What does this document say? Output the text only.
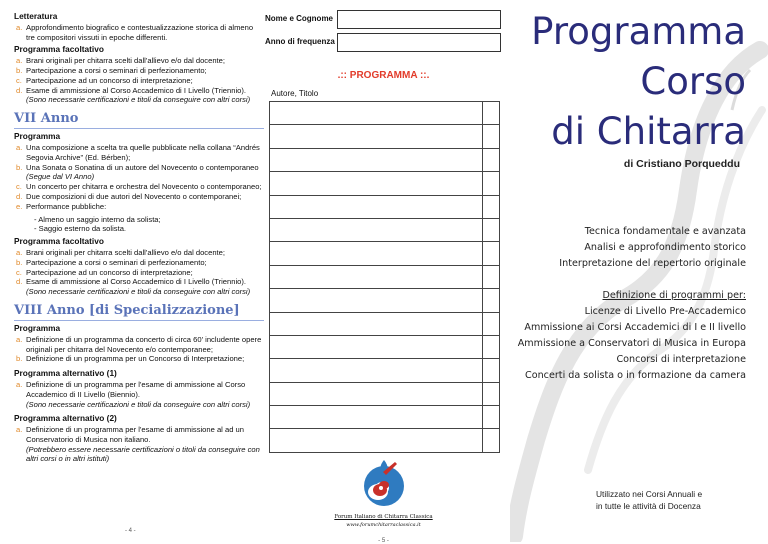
Letteratura
a. Approfondimento biografico e contestualizzazione storica di almeno tre compositori vissuti in epoche differenti.
Programma facoltativo
a. Brani originali per chitarra scelti dall'allievo e/o dal docente;
b. Partecipazione a corsi o seminari di perfezionamento;
c. Partecipazione ad un concorso di interpretazione;
d. Esame di ammissione al Corso Accademico di I Livello (Triennio).
(Sono necessarie certificazioni e titoli da conseguire con altri corsi)
VII Anno
Programma
a. Una composizione a scelta tra quelle pubblicate nella collana “Andrés Segovia Archive” (Ed. Bérben);
b. Una Sonata o Sonatina di un autore del Novecento o contemporaneo
(Segue dal VI Anno)
c. Un concerto per chitarra e orchestra del Novecento o contemporaneo;
d. Due composizioni di due autori del Novecento o contemporanei;
e. Performance pubbliche:
- Almeno un saggio interno da solista;
- Saggio esterno da solista.
Programma facoltativo
a. Brani originali per chitarra scelti dall'allievo e/o dal docente;
b. Partecipazione a corsi o seminari di perfezionamento;
c. Partecipazione ad un concorso di interpretazione;
d. Esame di ammissione al Corso Accademico di I Livello (Triennio).
(Sono necessarie certificazioni e titoli da conseguire con altri corsi)
VIII Anno [di Specializzazione]
Programma
a. Definizione di un programma da concerto di circa 60' includente opere originali per chitarra del Novecento e/o contemporanee;
b. Definizione di un programma per un Concorso di Interpretazione;
Programma alternativo (1)
a. Definizione di un programma per l'esame di ammissione al Corso Accademico di II Livello (Biennio).
(Sono necessarie certificazioni e titoli da conseguire con altri corsi)
Programma alternativo (2)
a. Definizione di un programma per l'esame di ammissione al ad un Conservatorio di Musica non italiano.
(Potrebbero essere necessarie certificazioni o titoli da conseguire con altri corsi o in altri istituti)
Nome e Cognome
Anno di frequenza
.:: PROGRAMMA ::.
Autore, Titolo

Forum Italiano di Chitarra Classica
www.forumchitarraclassica.it
- 5 -
- 4 -
Programma
Corso
di Chitarra
di Cristiano Porqueddu
Tecnica fondamentale e avanzata
Analisi e approfondimento storico
Interpretazione del repertorio originale
Definizione di programmi per:
Licenze di Livello Pre-Accademico
Ammissione ai Corsi Accademici di I e II livello
Ammissione a Conservatori di Musica in Europa
Concorsi di interpretazione
Concerti da solista o in formazione da camera
Utilizzato nei Corsi Annuali e
in tutte le attività di Docenza
